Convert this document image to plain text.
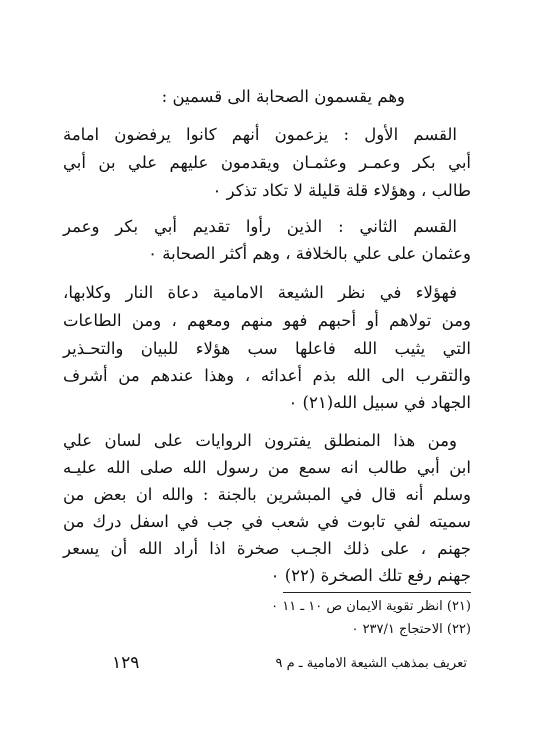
وهم يقسمون الصحابة الى قسمين :
القسم الأول : يزعمون أنهم كانوا يرفضون امامة
أبي بكر وعمـر وعثمـان ويقدمون عليهم علي بن أبي
طالب ، وهؤلاء قلة قليلة لا تكاد تذكر ٠
القسم الثاني : الذين رأوا تقديم أبي بكر وعمر
وعثمان على علي بالخلافة ، وهم أكثر الصحابة ٠
فهؤلاء في نظر الشيعة الامامية دعاة النار وكلابها،
ومن تولاهم أو أحبهم فهو منهم ومعهم ، ومن الطاعات
التي يثيب الله فاعلها سب هؤلاء للبيان والتحـذير
والتقرب الى الله بذم أعدائه ، وهذا عندهم من أشرف
الجهاد في سبيل الله(٢١) ٠
ومن هذا المنطلق يفترون الروايات على لسان علي
ابن أبي طالب انه سمع من رسول الله صلى الله عليـه
وسلم أنه قال في المبشرين بالجنة : والله ان بعض من
سميته لفي تابوت في شعب في جب في اسفل درك من
جهنم ، على ذلك الجـب صخرة اذا أراد الله أن يسعر
جهنم رفع تلك الصخرة (٢٢) ٠
(٢١) انظر تقوية الايمان ص ١٠ ـ ١١ ٠
(٢٢) الاحتجاج ٢٣٧/١ ٠
١٢٩	تعريف بمذهب الشيعة الامامية ـ م ٩
